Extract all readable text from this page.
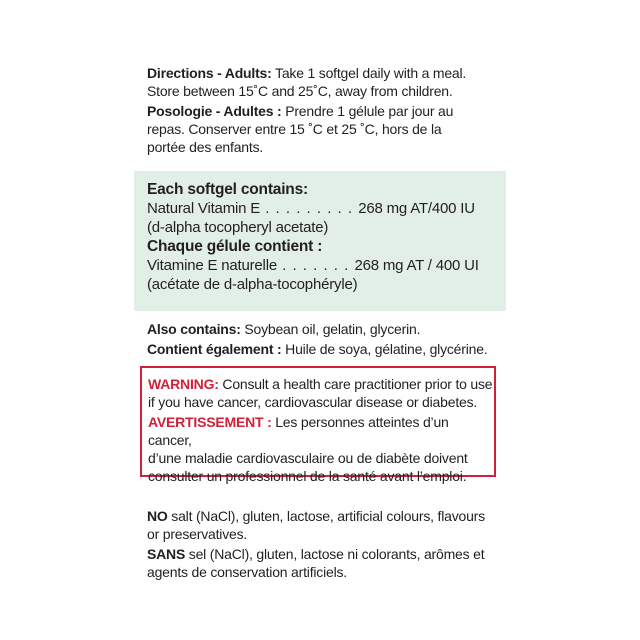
Directions - Adults: Take 1 softgel daily with a meal.
Store between 15˚C and 25˚C, away from children.

Posologie - Adultes : Prendre 1 gélule par jour au
repas. Conserver entre 15 ˚C et 25 ˚C, hors de la
portée des enfants.

Each softgel contains:

Natural Vitamin E . . . . . . . . . 268 mg AT/400 IU

(d-alpha tocopheryl acetate)

Chaque gélule contient :

Vitamine E naturelle . . . . . . . 268 mg AT / 400 UI

(acétate de d-alpha-tocophéryle)

Also contains: Soybean oil, gelatin, glycerin.

Contient également : Huile de soya, gélatine, glycérine.

WARNING: Consult a health care practitioner prior to use
if you have cancer, cardiovascular disease or diabetes.

AVERTISSEMENT : Les personnes atteintes d’un cancer,
d’une maladie cardiovasculaire ou de diabète doivent
consulter un professionnel de la santé avant l’emploi.

NO salt (NaCl), gluten, lactose, artificial colours, flavours
or preservatives.

SANS sel (NaCl), gluten, lactose ni colorants, arômes et
agents de conservation artificiels.
